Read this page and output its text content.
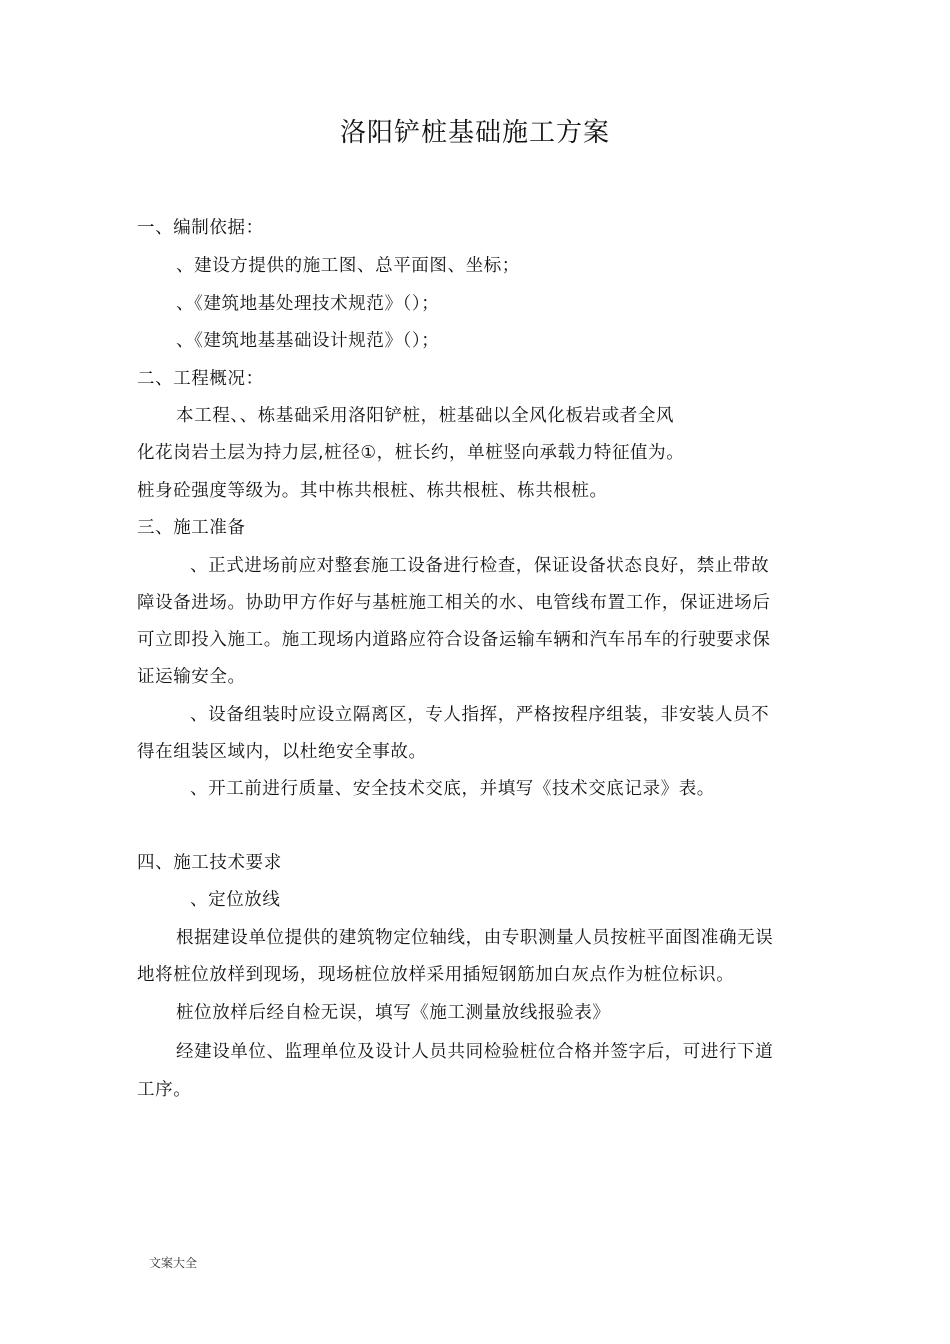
洛阳铲桩基础施工方案
一、编制依据：
、建设方提供的施工图、总平面图、坐标；
、《建筑地基处理技术规范》（）；
、《建筑地基基础设计规范》（）；
二、工程概况：
本工程、、栋基础采用洛阳铲桩，桩基础以全风化板岩或者全风
化花岗岩土层为持力层,桩径①，桩长约，单桩竖向承载力特征值为。
桩身砼强度等级为。其中栋共根桩、栋共根桩、栋共根桩。
三、施工准备
、正式进场前应对整套施工设备进行检查，保证设备状态良好，禁止带故
障设备进场。协助甲方作好与基桩施工相关的水、电管线布置工作，保证进场后
可立即投入施工。施工现场内道路应符合设备运输车辆和汽车吊车的行驶要求保
证运输安全。
、设备组装时应设立隔离区，专人指挥，严格按程序组装，非安装人员不
得在组装区域内，以杜绝安全事故。
、开工前进行质量、安全技术交底，并填写《技术交底记录》表。
四、施工技术要求
、定位放线
根据建设单位提供的建筑物定位轴线，由专职测量人员按桩平面图准确无误
地将桩位放样到现场，现场桩位放样采用插短钢筋加白灰点作为桩位标识。
桩位放样后经自检无误，填写《施工测量放线报验表》
经建设单位、监理单位及设计人员共同检验桩位合格并签字后，可进行下道
工序。
文案大全
